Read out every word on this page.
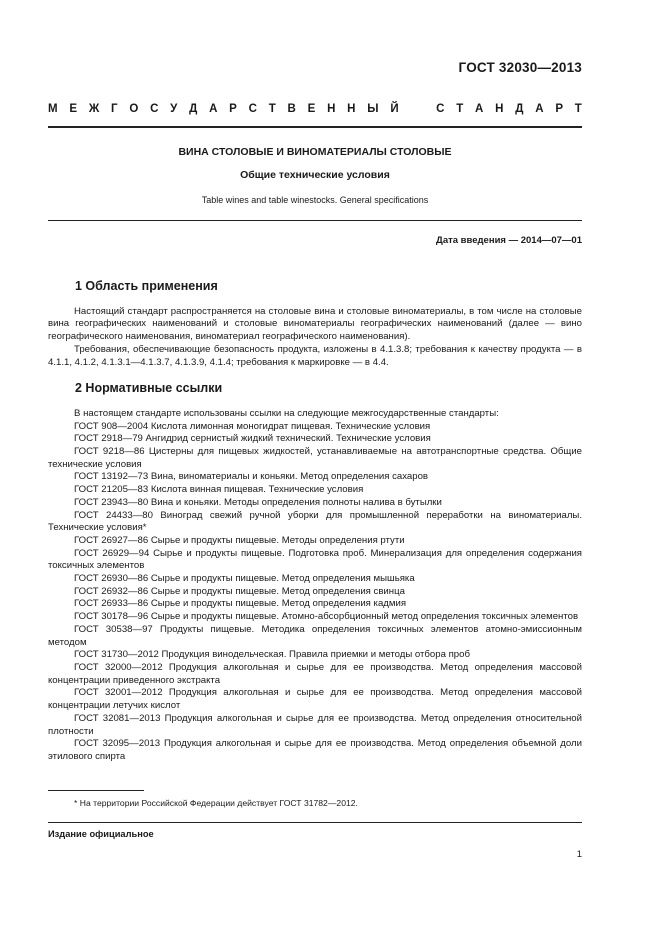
ГОСТ 32030—2013
М Е Ж Г О С У Д А Р С Т В Е Н Н Ы Й	С Т А Н Д А Р Т
ВИНА СТОЛОВЫЕ И ВИНОМАТЕРИАЛЫ СТОЛОВЫЕ
Общие технические условия
Table wines and table winestocks. General specifications
Дата введения — 2014—07—01
1 Область применения

Настоящий стандарт распространяется на столовые вина и столовые виноматериалы, в том числе на столовые вина географических наименований и столовые виноматериалы географических наименований (далее — вино географического наименования, виноматериал географического наименования).

Требования, обеспечивающие безопасность продукта, изложены в 4.1.3.8; требования к качеству продукта — в 4.1.1, 4.1.2, 4.1.3.1—4.1.3.7, 4.1.3.9, 4.1.4; требования к маркировке — в 4.4.

2 Нормативные ссылки

В настоящем стандарте использованы ссылки на следующие межгосударственные стандарты:

ГОСТ 908—2004 Кислота лимонная моногидрат пищевая. Технические условия

ГОСТ 2918—79 Ангидрид сернистый жидкий технический. Технические условия

ГОСТ 9218—86 Цистерны для пищевых жидкостей, устанавливаемые на автотранспортные средства. Общие технические условия

ГОСТ 13192—73 Вина, виноматериалы и коньяки. Метод определения сахаров

ГОСТ 21205—83 Кислота винная пищевая. Технические условия

ГОСТ 23943—80 Вина и коньяки. Методы определения полноты налива в бутылки

ГОСТ 24433—80 Виноград свежий ручной уборки для промышленной переработки на виноматериалы. Технические условия*

ГОСТ 26927—86 Сырье и продукты пищевые. Методы определения ртути

ГОСТ 26929—94 Сырье и продукты пищевые. Подготовка проб. Минерализация для определения содержания токсичных элементов

ГОСТ 26930—86 Сырье и продукты пищевые. Метод определения мышьяка

ГОСТ 26932—86 Сырье и продукты пищевые. Метод определения свинца

ГОСТ 26933—86 Сырье и продукты пищевые. Метод определения кадмия

ГОСТ 30178—96 Сырье и продукты пищевые. Атомно-абсорбционный метод определения токсичных элементов

ГОСТ 30538—97 Продукты пищевые. Методика определения токсичных элементов атомно-эмиссионным методом

ГОСТ 31730—2012 Продукция винодельческая. Правила приемки и методы отбора проб

ГОСТ 32000—2012 Продукция алкогольная и сырье для ее производства. Метод определения массовой концентрации приведенного экстракта

ГОСТ 32001—2012 Продукция алкогольная и сырье для ее производства. Метод определения массовой концентрации летучих кислот

ГОСТ 32081—2013 Продукция алкогольная и сырье для ее производства. Метод определения относительной плотности

ГОСТ 32095—2013 Продукция алкогольная и сырье для ее производства. Метод определения объемной доли этилового спирта

* На территории Российской Федерации действует ГОСТ 31782—2012.
Издание официальное
1
